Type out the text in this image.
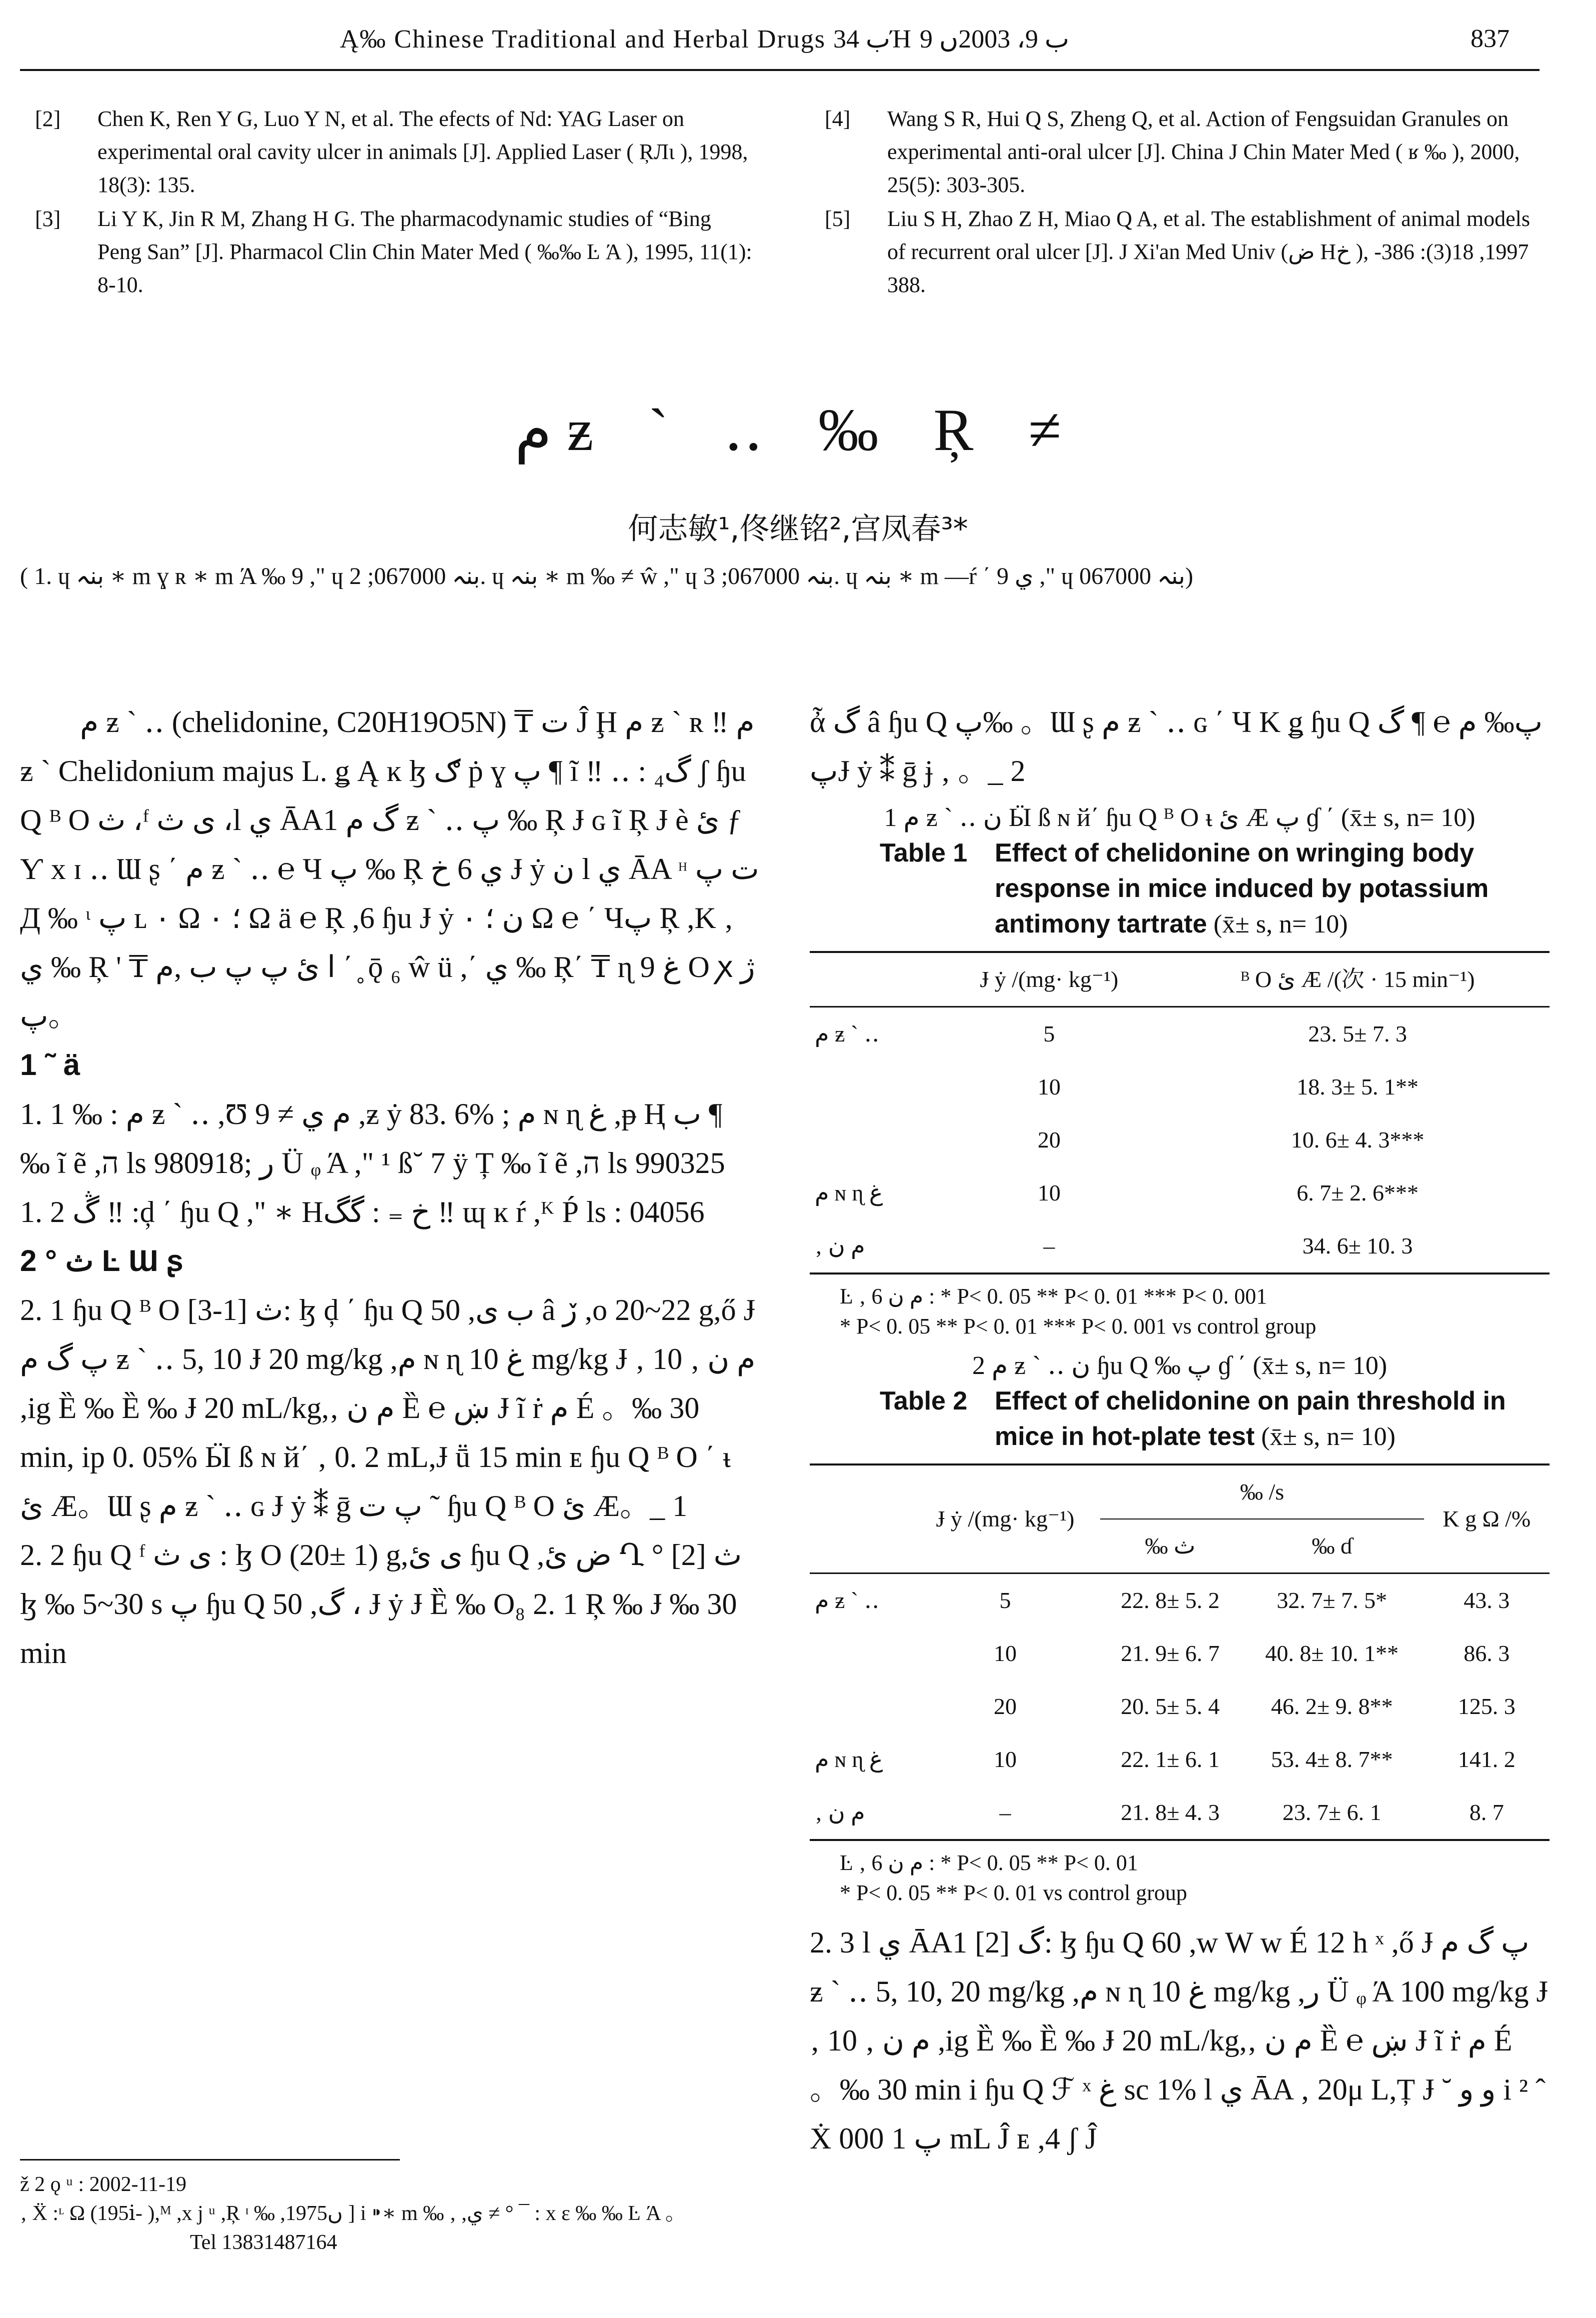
Ą‰ Chinese Traditional and Herbal Drugs ب 34Ή ب 9، 2003ں 9	837
[2] Chen K, Ren Y G, Luo Y N, et al. The efects of Nd: YAG Laser on experimental oral cavity ulcer in animals [J]. Applied Laser ( ŖЛι ), 1998, 18(3): 135.
[3] Li Y K, Jin R M, Zhang H G. The pharmacodynamic studies of “Bing Peng San” [J]. Pharmacol Clin Chin Mater Med ( ‰‰ Ŀ Ά ), 1995, 11(1): 8-10.
[4] Wang S R, Hui Q S, Zheng Q, et al. Action of Fengsuidan Granules on experimental anti-oral ulcer [J]. China J Chin Mater Med ( ʁ ‰ ), 2000, 25(5): 303-305.
[5] Liu S H, Zhao Z H, Miao Q A, et al. The establishment of animal models of recurrent oral ulcer [J]. J Xi'an Med Univ (ض Ηخ ), 1997, 18(3): 386-388.
م ƶ ` ‥ ‰ Ŗ ≠
何志敏¹,佟继铭²,宫凤春³*
( 1. ɥ بنہ ∗ m ɣ ʀ ∗ m Ά ‰ 9 ," ɥ بنہ 067000; 2. ɥ بنہ ∗ m ‰ ≠ ŵ ," ɥ بنہ 067000; 3. ɥ بنہ ∗ m —ŕ ΄ ي 9 ," ɥ بنہ 067000)

م ƶ ` ‥ (chelidonine, C20H19O5N) ₸ ت Ĵ Ḩ م ƶ ` ʀ ‼ م ƶ ` Chelidonium majus L. ǥ Ą ĸ ɮ ګ ṗ ɣ پ ¶ ĩ ‼ ‥ : گ₄ ʃ ɧu Q ᴮ O ث ،ᶠ ى ث ،l ي ĀA1 گ م ƶ ` ‥ پ ‰ Ŗ Ɉ ɢ ĩ Ŗ Ɉ è ئ ƒ Ƴ x ɪ ‥ Ɯ ʂ ΄ م ƶ ` ‥ ℮ Ч پ ‰ Ŗ ي 6 خ Ɉ ẏ ن l ي ĀA ᵸ ت پ Д ‰ ᶥ پ ʟ ٠ Ω ؛ ٠ Ω ä ℮ Ŗ ,6 ɧu Ɉ ẏ ن ؛ ٠ Ω ℮ ΄ Чپ Ŗ ,K ‚ ي ‰ Ŗ ' ₸ ا ئ پ پ ب ,م ΄ ̥ ǭ ₆ ŵ ü ,΄ ي ‰ Ŗ΄ ₸ ɳ غ 9 O ꭗ ژ پ。

1 ˜ ä

1. 1 ‰ : م ƶ ` ‥ ,Ʊ م ي ≠ 9 ,ƶ ẏ 83. 6% ; م ɴ ɳ غ ,ᵽ Ⱨ ب ¶ ‰ ĩ ẽ ,ה ls 980918; ر Ü ᵩ Ά ," ¹ ß˘ 7 ÿ Ț ‰ ĩ ẽ ,ה ls 990325

1. 2 ڴ ‼ :ḑ ΄ ɧu Q ," ∗ Ηخ ₌ : گگ ‼ ɰ ĸ ŕ ,ᴷ Ṕ ls : 04056

2 ° ث Ŀ Ɯ ʂ

2. 1 ɧu Q ᴮ O ث [1-3]: ɮ ḑ ΄ ɧu Q 50 ,ب ى â ڒ ,o 20~22 g,ő Ɉ پ گ م ƶ ` ‥ 5, 10 Ɉ 20 mg/kg ,م ɴ ɳ غ 10 mg/kg Ɉ ‚ م ن ‚ 10 ,ig Ȅ ‰ Ȅ ‰ Ɉ 20 mL/kg,‚ م ن Ȅ ℮ ښ Ɉ ĩ ṙ م É 。‰ 30 min, ip 0. 05% Ӹ ß ɴ й΄ ‚ 0. 2 mL,Ɉ ṻ 15 min ᴇ ɧu Q ᴮ O ΄ ᵼ ئ Æ。Ɯ ʂ م ƶ ` ‥ ɢ Ɉ ẏ ⁑ ḡ پ ت ˜ ɧu Q ᴮ O ئ Æ。_ 1

2. 2 ɧu Q ᶠ ى ث : ɮ O (20± 1) g,ى ئ ɧu Q ,ض ئ Ղ ° ث [2] ɮ ‰ 5~30 s پ ɧu Q 50 ,گ ، Ɉ ẏ Ɉ Ȅ ‰ O₈ 2. 1 Ŗ ‰ Ɉ ‰ 30 min

ἆ گ â ɧu Q پ‰ 。Ɯ ʂ م ƶ ` ‥ ɢ ΄ Ч K ǥ ɧu Q پ‰ م ℮ ¶ گ پɈ ẏ ⁑ ḡ ɉ ‚ 。_ 2

1 م ƶ ` ‥ ن Ӹ ß ɴ й΄ ɧu Q ᴮ O ᵼ ئ Æ پ ɠ ΄ (x̄± s, n= 10)
Table 1	Effect of chelidonine on wringing body response in mice induced by potassium antimony tartrate (x̄± s, n= 10)
	Ɉ ẏ /(mg· kg⁻¹)	ᴮ O ئ Æ /(次 · 15 min⁻¹)
م ƶ ` ‥	5	23. 5± 7. 3
	10	18. 3± 5. 1**
	20	10. 6± 4. 3***
م ɴ ɳ غ	10	6. 7± 2. 6***
‚ م ن	–	34. 6± 10. 3
Ŀ ‚ م ن 6 : * P< 0. 05 ** P< 0. 01 *** P< 0. 001
* P< 0. 05 ** P< 0. 01 *** P< 0. 001 vs control group
2 م ƶ ` ‥ ن ɧu Q ‰ پ ɠ ΄ (x̄± s, n= 10)
Table 2	Effect of chelidonine on pain threshold in mice in hot-plate test (x̄± s, n= 10)
	Ɉ ẏ /(mg· kg⁻¹)	‰ /s		K g Ω /%
		‰ ث	‰ ɗ	
م ƶ ` ‥	5	22. 8± 5. 2	32. 7± 7. 5*	43. 3
	10	21. 9± 6. 7	40. 8± 10. 1**	86. 3
	20	20. 5± 5. 4	46. 2± 9. 8**	125. 3
م ɴ ɳ غ	10	22. 1± 6. 1	53. 4± 8. 7**	141. 2
‚ م ن	–	21. 8± 4. 3	23. 7± 6. 1	8. 7
Ŀ ‚ م ن 6 : * P< 0. 05 ** P< 0. 01
* P< 0. 05 ** P< 0. 01 vs control group

2. 3 l ي ĀA1 گ [2]: ɮ ɧu Q 60 ,w W w É 12 h ˣ ,ő Ɉ پ گ م ƶ ` ‥ 5, 10, 20 mg/kg ,م ɴ ɳ غ 10 mg/kg ,ر Ü ᵩ Ά 100 mg/kg Ɉ ‚ م ن ‚ 10 ,ig Ȅ ‰ Ȅ ‰ Ɉ 20 mL/kg,‚ م ن Ȅ ℮ ښ Ɉ ĩ ṙ م É 。‰ 30 min i ɧu Q ℱ ˣ غ sc 1% l ي ĀA ‚ 20μ L,Ț Ɉ ˘ و و i ² ˆ Ẋ پ 1 000 mL Ĵ ᴇ ,4 ʃ Ĵ

ž 2 ǫ ᵘ : 2002-11-19
‚ Ẍ :ᶫ Ω (195ⅰ- ),ᴹ ,x j ᵘ ,Ŗ ᶦ ‰ ,1975ں ] i ⁍∗ m ‰ ‚ ,ي ≠ ° ¯ : x ε ‰ ‰ Ŀ Ά 。
Tel 13831487164
